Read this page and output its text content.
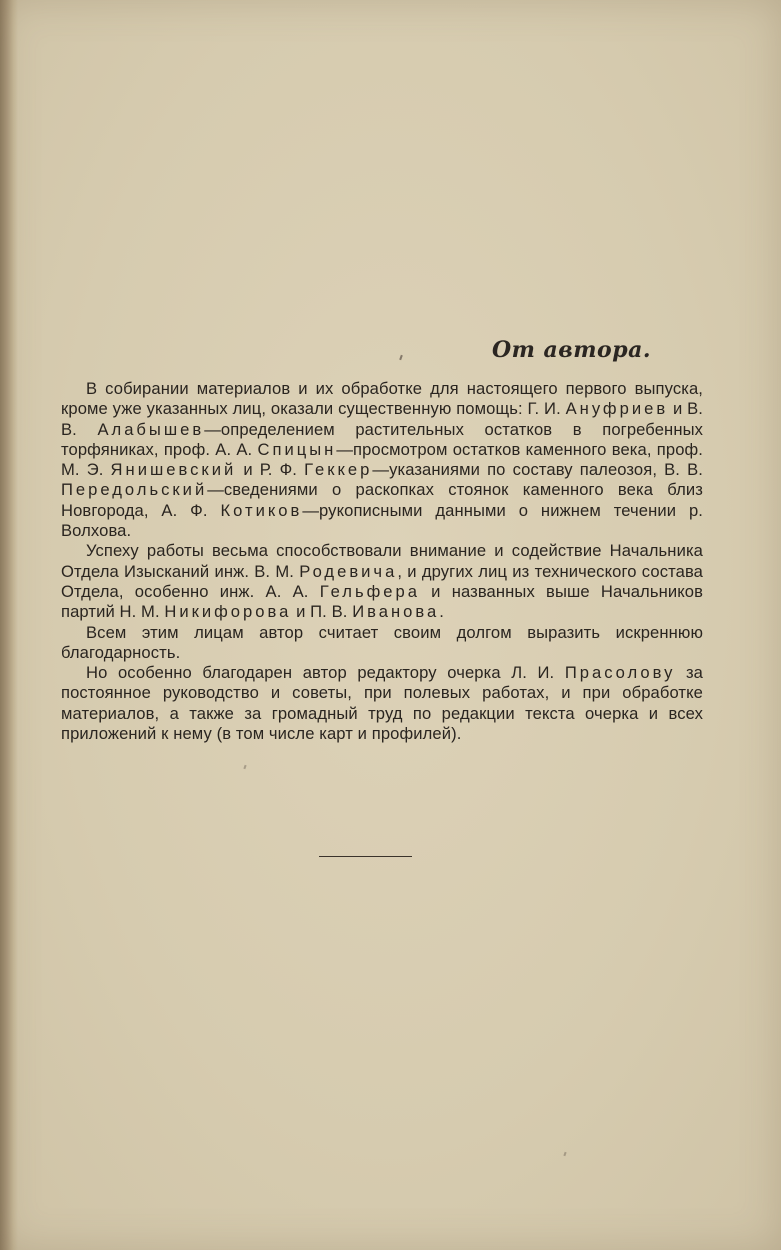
От автора.

В собирании материалов и их обработке для настоящего первого выпуска, кроме уже указанных лиц, оказали существенную помощь: Г. И. Ануфриев и В. В. Алабышев—определением растительных остатков в погребенных торфяниках, проф. А. А. Спицын—просмотром остатков каменного века, проф. М. Э. Янишевский и Р. Ф. Геккер—указаниями по составу палеозоя, В. В. Передольский—сведениями о раскопках стоянок каменного века близ Новгорода, А. Ф. Котиков—рукописными данными о нижнем течении р. Волхова.

Успеху работы весьма способствовали внимание и содействие Начальника Отдела Изысканий инж. В. М. Родевича, и других лиц из технического состава Отдела, особенно инж. А. А. Гельфера и названных выше Начальников партий Н. М. Никифорова и П. В. Иванова.

Всем этим лицам автор считает своим долгом выразить искреннюю благодарность.

Но особенно благодарен автор редактору очерка Л. И. Прасолову за постоянное руководство и советы, при полевых работах, и при обработке материалов, а также за громадный труд по редакции текста очерка и всех приложений к нему (в том числе карт и профилей).
